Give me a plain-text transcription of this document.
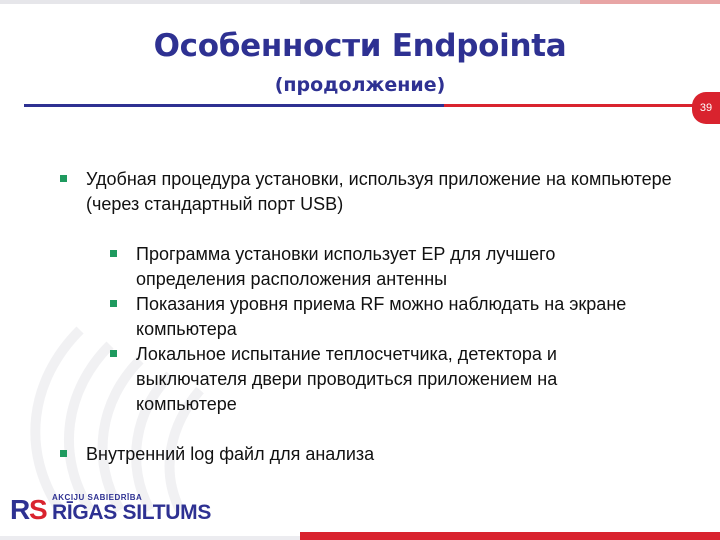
Особенности Endpointa
(продолжение)
39
Удобная процедура установки, используя приложение на компьютере (через стандартный порт USB)
Программа установки использует EP для лучшего определения расположения антенны
Показания уровня приема RF можно наблюдать на экране компьютера
Локальное испытание теплосчетчика, детектора и выключателя двери проводиться приложением на компьютере
Внутренний log файл для анализа
R
S AKCIJU SABIEDRĪBA
RĪGAS SILTUMS
